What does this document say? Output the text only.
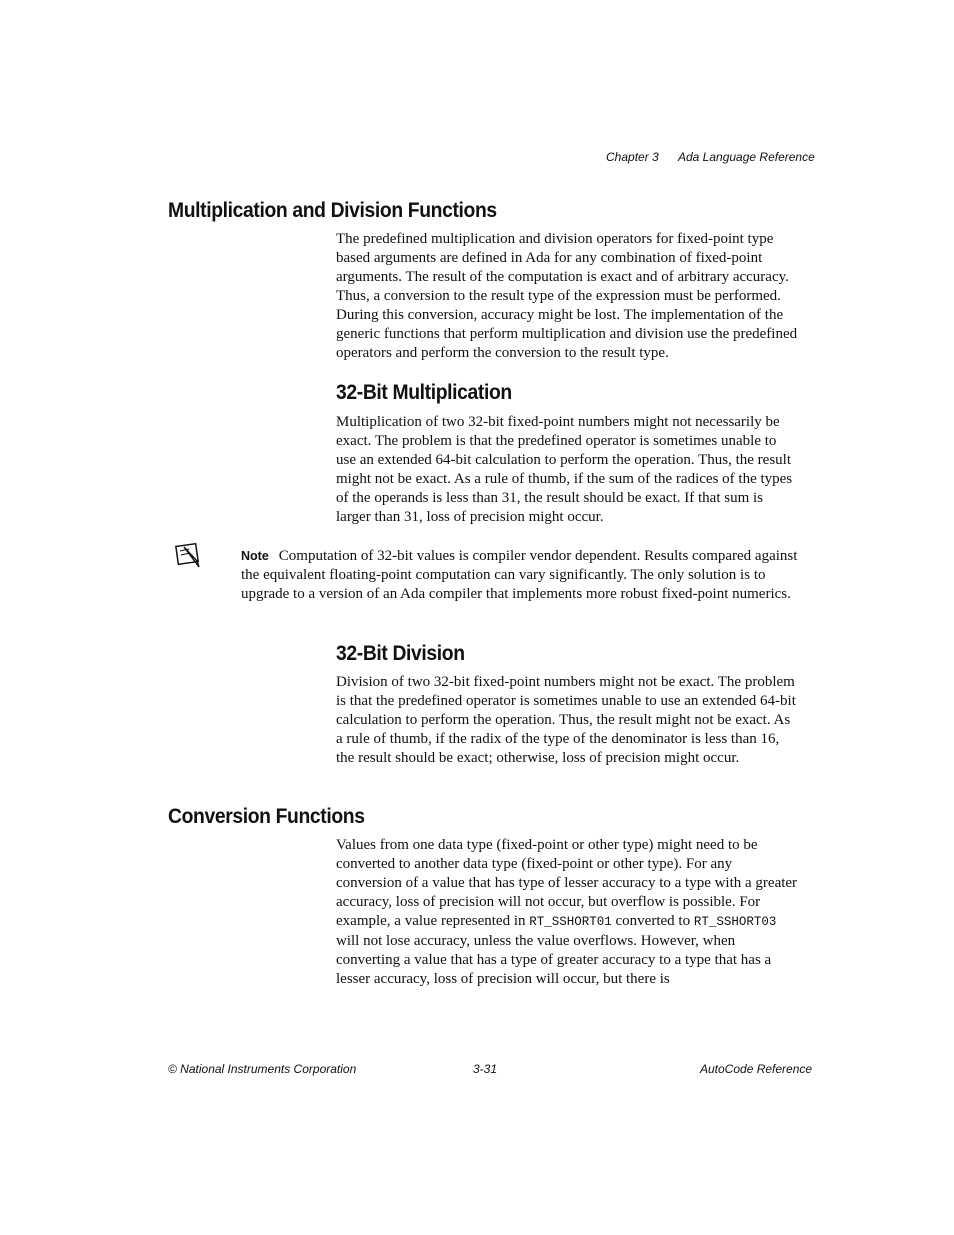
Chapter 3 Ada Language Reference
Multiplication and Division Functions

The predefined multiplication and division operators for fixed-point type based arguments are defined in Ada for any combination of fixed-point arguments. The result of the computation is exact and of arbitrary accuracy. Thus, a conversion to the result type of the expression must be performed. During this conversion, accuracy might be lost. The implementation of the generic functions that perform multiplication and division use the predefined operators and perform the conversion to the result type.

32-Bit Multiplication

Multiplication of two 32-bit fixed-point numbers might not necessarily be exact. The problem is that the predefined operator is sometimes unable to use an extended 64-bit calculation to perform the operation. Thus, the result might not be exact. As a rule of thumb, if the sum of the radices of the types of the operands is less than 31, the result should be exact. If that sum is larger than 31, loss of precision might occur.

Note Computation of 32-bit values is compiler vendor dependent. Results compared against the equivalent floating-point computation can vary significantly. The only solution is to upgrade to a version of an Ada compiler that implements more robust fixed-point numerics.

32-Bit Division

Division of two 32-bit fixed-point numbers might not be exact. The problem is that the predefined operator is sometimes unable to use an extended 64-bit calculation to perform the operation. Thus, the result might not be exact. As a rule of thumb, if the radix of the type of the denominator is less than 16, the result should be exact; otherwise, loss of precision might occur.

Conversion Functions

Values from one data type (fixed-point or other type) might need to be converted to another data type (fixed-point or other type). For any conversion of a value that has type of lesser accuracy to a type with a greater accuracy, loss of precision will not occur, but overflow is possible. For example, a value represented in RT_SSHORT01 converted to RT_SSHORT03 will not lose accuracy, unless the value overflows. However, when converting a value that has a type of greater accuracy to a type that has a lesser accuracy, loss of precision will occur, but there is

© National Instruments Corporation	3-31	AutoCode Reference
